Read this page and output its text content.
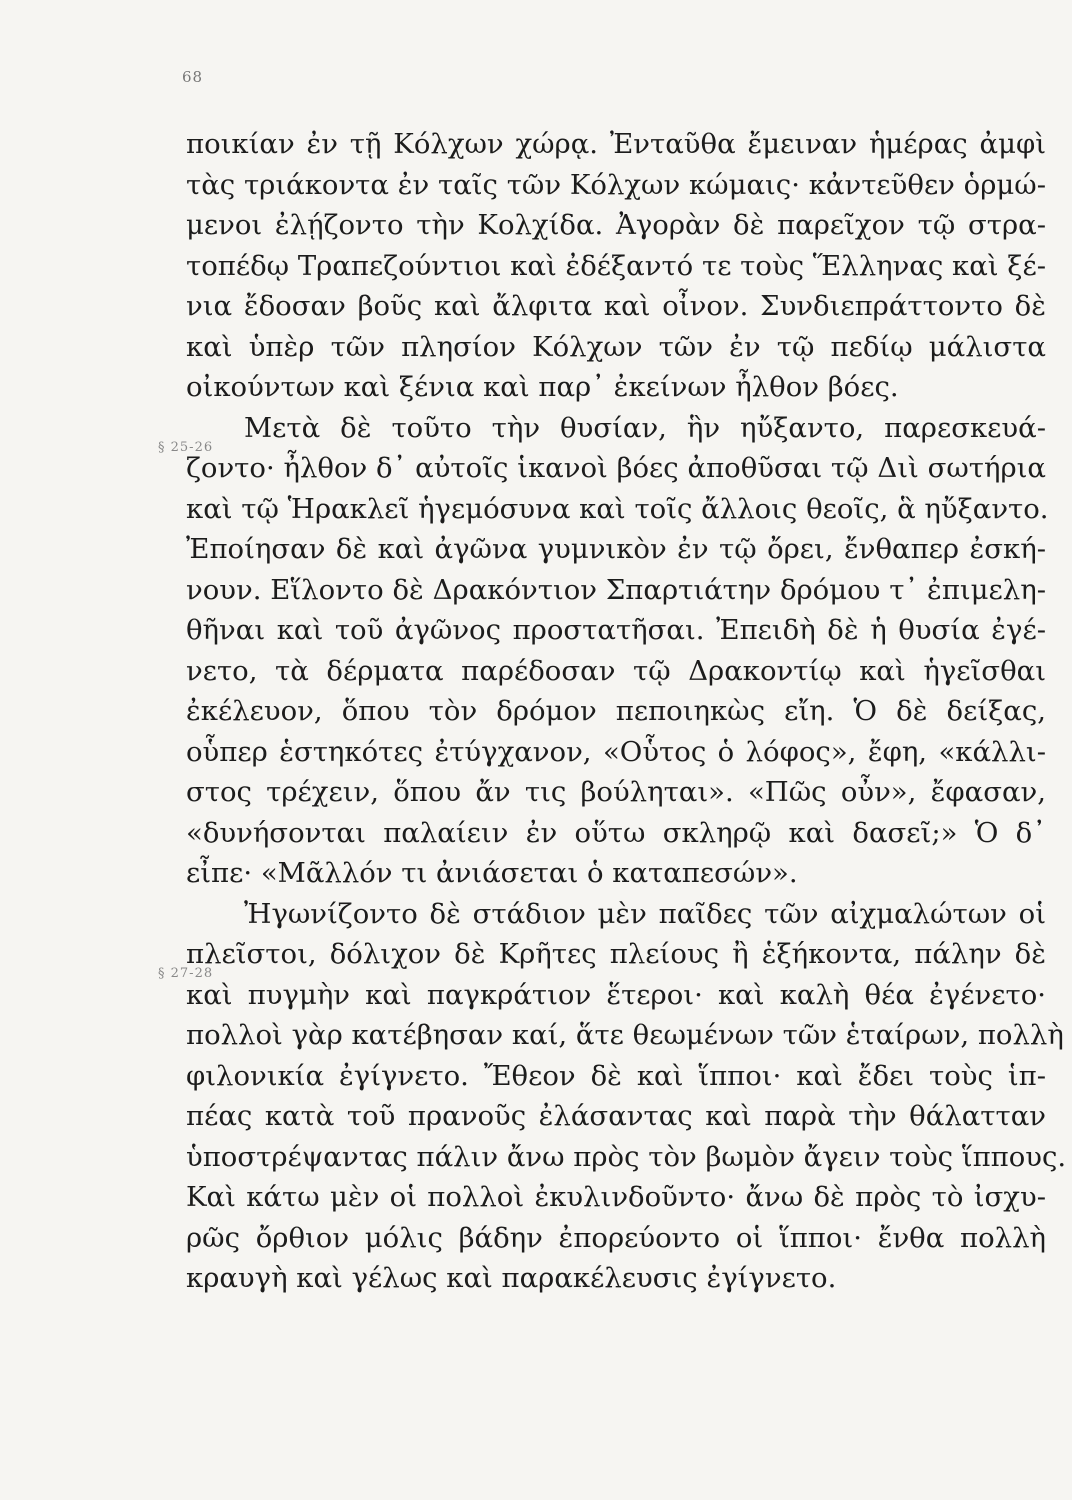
68
§ 25-26
§ 27-28
ποικίαν ἐν τῇ Κόλχων χώρᾳ. Ἐνταῦθα ἔμειναν ἡμέρας ἀμφὶ
τὰς τριάκοντα ἐν ταῖς τῶν Κόλχων κώμαις· κἀντεῦθεν ὁρμώ-
μενοι ἐλῄζοντο τὴν Κολχίδα. Ἀγορὰν δὲ παρεῖχον τῷ στρα-
τοπέδῳ Τραπεζούντιοι καὶ ἐδέξαντό τε τοὺς Ἕλληνας καὶ ξέ-
νια ἔδοσαν βοῦς καὶ ἄλφιτα καὶ οἶνον. Συνδιεπράττοντο δὲ
καὶ ὑπὲρ τῶν πλησίον Κόλχων τῶν ἐν τῷ πεδίῳ μάλιστα
οἰκούντων καὶ ξένια καὶ παρ᾽ ἐκείνων ἦλθον βόες.
Μετὰ δὲ τοῦτο τὴν θυσίαν, ἣν ηὔξαντο, παρεσκευά-
ζοντο· ἦλθον δ᾽ αὐτοῖς ἱκανοὶ βόες ἀποθῦσαι τῷ Διὶ σωτήρια
καὶ τῷ Ἡρακλεῖ ἡγεμόσυνα καὶ τοῖς ἄλλοις θεοῖς, ἃ ηὔξαντο.
Ἐποίησαν δὲ καὶ ἀγῶνα γυμνικὸν ἐν τῷ ὄρει, ἔνθαπερ ἐσκή-
νουν. Εἵλοντο δὲ Δρακόντιον Σπαρτιάτην δρόμου τ᾽ ἐπιμελη-
θῆναι καὶ τοῦ ἀγῶνος προστατῆσαι. Ἐπειδὴ δὲ ἡ θυσία ἐγέ-
νετο, τὰ δέρματα παρέδοσαν τῷ Δρακοντίῳ καὶ ἡγεῖσθαι
ἐκέλευον, ὅπου τὸν δρόμον πεποιηκὼς εἴη. Ὁ δὲ δείξας,
οὗπερ ἑστηκότες ἐτύγχανον, «Οὗτος ὁ λόφος», ἔφη, «κάλλι-
στος τρέχειν, ὅπου ἄν τις βούληται». «Πῶς οὖν», ἔφασαν,
«δυνήσονται παλαίειν ἐν οὕτω σκληρῷ καὶ δασεῖ;» Ὁ δ᾽
εἶπε· «Μᾶλλόν τι ἀνιάσεται ὁ καταπεσών».
Ἠγωνίζοντο δὲ στάδιον μὲν παῖδες τῶν αἰχμαλώτων οἱ
πλεῖστοι, δόλιχον δὲ Κρῆτες πλείους ἢ ἑξήκοντα, πάλην δὲ
καὶ πυγμὴν καὶ παγκράτιον ἕτεροι· καὶ καλὴ θέα ἐγένετο·
πολλοὶ γὰρ κατέβησαν καί, ἅτε θεωμένων τῶν ἑταίρων, πολλὴ
φιλονικία ἐγίγνετο. Ἔθεον δὲ καὶ ἵπποι· καὶ ἔδει τοὺς ἱπ-
πέας κατὰ τοῦ πρανοῦς ἐλάσαντας καὶ παρὰ τὴν θάλατταν
ὑποστρέψαντας πάλιν ἄνω πρὸς τὸν βωμὸν ἄγειν τοὺς ἵππους.
Καὶ κάτω μὲν οἱ πολλοὶ ἐκυλινδοῦντο· ἄνω δὲ πρὸς τὸ ἰσχυ-
ρῶς ὄρθιον μόλις βάδην ἐπορεύοντο οἱ ἵπποι· ἔνθα πολλὴ
κραυγὴ καὶ γέλως καὶ παρακέλευσις ἐγίγνετο.
